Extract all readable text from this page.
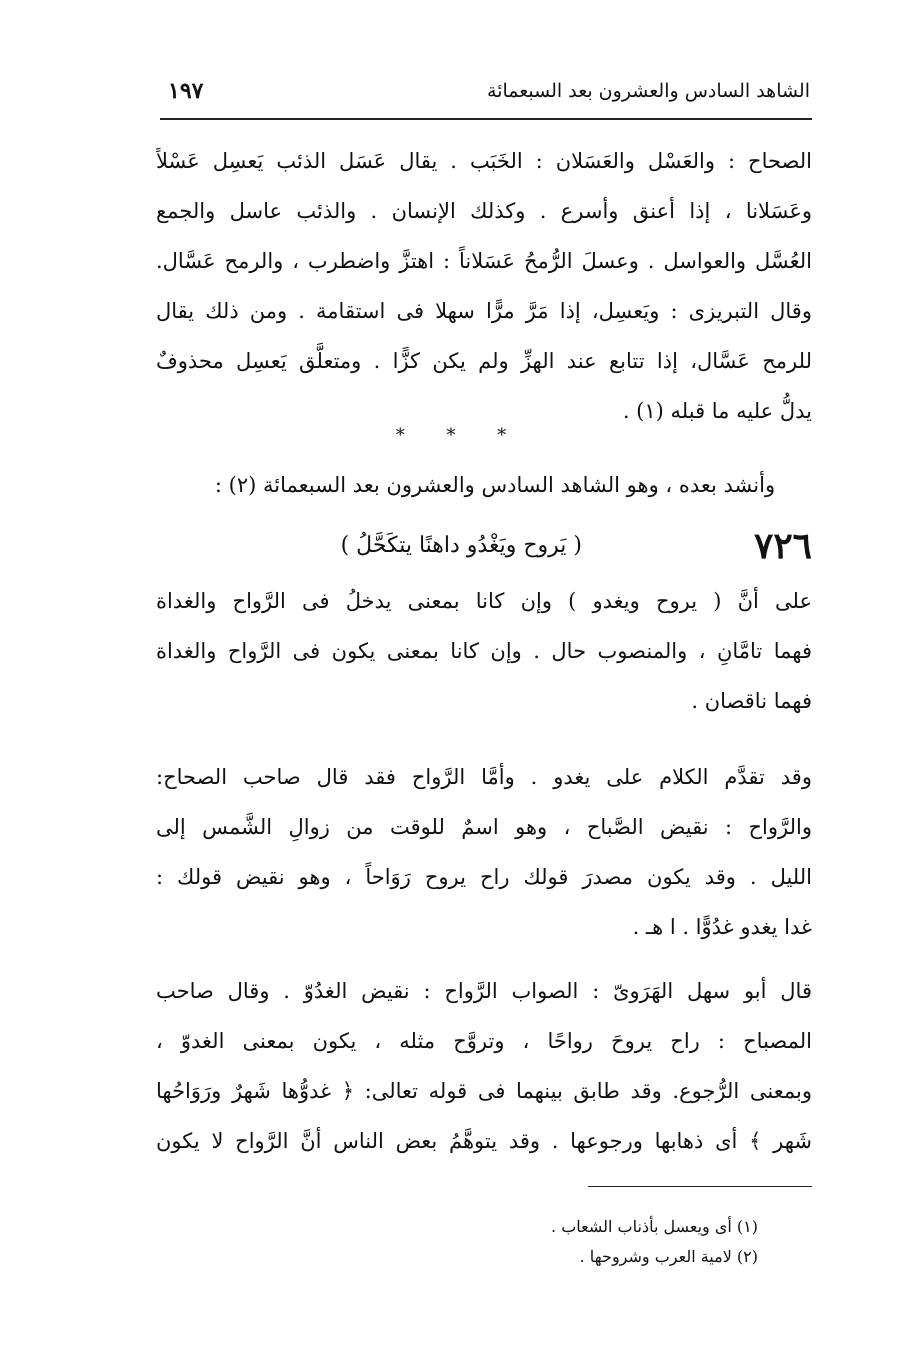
الشاهد السادس والعشرون بعد السبعمائة
١٩٧
الصحاح : والعَسْل والعَسَلان : الخَبَب . يقال عَسَل الذئب يَعسِل عَسْلاً
وعَسَلانا ، إذا أعنق وأسرع . وكذلك الإنسان . والذئب عاسل والجمع
العُسَّل والعواسل . وعسلَ الرُّمحُ عَسَلاناً : اهتزَّ واضطرب ، والرمح عَسَّال.
وقال التبريزى : ويَعسِل، إذا مَرَّ مرًّا سهلا فى استقامة . ومن ذلك يقال
للرمح عَسَّال، إذا تتابع عند الهزِّ ولم يكن كزًّا . ومتعلَّق يَعسِل محذوفٌ
يدلُّ عليه ما قبله (١) .
* * *
وأنشد بعده ، وهو الشاهد السادس والعشرون بعد السبعمائة (٢) :
٧٢٦
( يَروح ويَغْدُو داهنًا يتكَحَّلُ )
على أنَّ ( يروح ويغدو ) وإن كانا بمعنى يدخلُ فى الرَّواح والغداة
فهما تامَّانِ ، والمنصوب حال . وإن كانا بمعنى يكون فى الرَّواح والغداة
فهما ناقصان .
وقد تقدَّم الكلام على يغدو . وأمَّا الرَّواح فقد قال صاحب الصحاح:
والرَّواح : نقيض الصَّباح ، وهو اسمٌ للوقت من زوالِ الشَّمس إلى
الليل . وقد يكون مصدرَ قولك راح يروح رَوَاحاً ، وهو نقيض قولك :
غدا يغدو غدُوًّا . ا هـ .
قال أبو سهل الهَرَوىّ : الصواب الرَّواح : نقيض الغدُوّ . وقال صاحب
المصباح : راح يروحَ رواحًا ، وتروَّح مثله ، يكون بمعنى الغدوّ ،
وبمعنى الرُّجوع. وقد طابق بينهما فى قوله تعالى: ﴿ غدوُّها شَهرٌ ورَوَاحُها
شَهر ﴾ أى ذهابها ورجوعها . وقد يتوهَّمُ بعض الناس أنَّ الرَّواح لا يكون
(١) أى ويعسل بأذناب الشعاب .
(٢) لامية العرب وشروحها .
